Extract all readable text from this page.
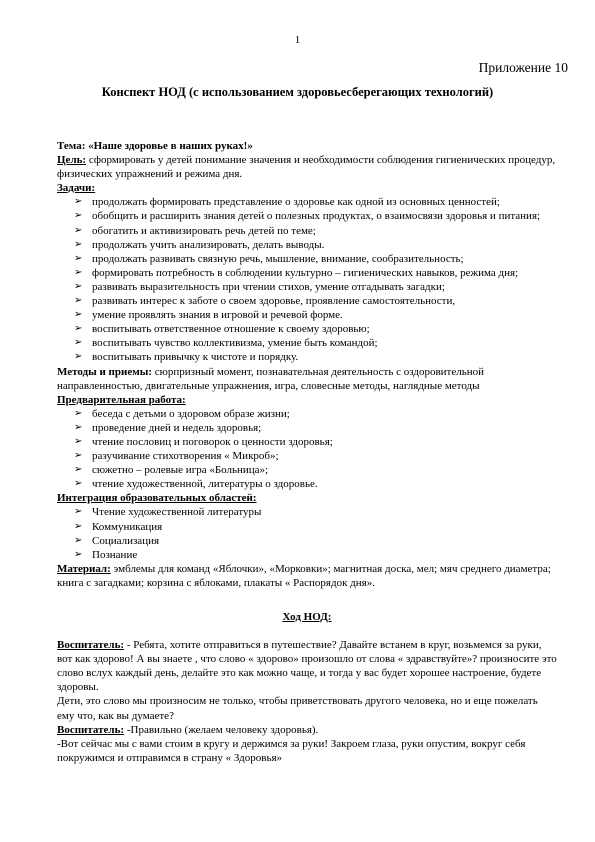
1
Приложение 10
Конспект НОД (с использованием здоровьесберегающих технологий)

Тема: «Наше здоровье в наших руках!»

Цель: сформировать у детей понимание значения и необходимости соблюдения гигиенических процедур, физических упражнений и режима дня.

Задачи:

➢ продолжать формировать представление о здоровье как одной из основных ценностей;
➢ обобщить и расширить знания детей о полезных продуктах, о взаимосвязи здоровья и питания;
➢ обогатить и активизировать речь детей по теме;
➢ продолжать учить анализировать, делать выводы.
➢ продолжать развивать связную речь, мышление, внимание, сообразительность;
➢ формировать потребность в соблюдении культурно – гигиенических навыков, режима дня;
➢ развивать выразительность при чтении стихов, умение отгадывать загадки;
➢ развивать интерес к заботе о своем здоровье, проявление самостоятельности,
➢ умение проявлять знания в игровой и речевой форме.
➢ воспитывать ответственное отношение к своему здоровью;
➢ воспитывать чувство коллективизма, умение быть командой;
➢ воспитывать привычку к чистоте и порядку.

Методы и приемы: сюрпризный момент, познавательная деятельность с оздоровительной направленностью, двигательные упражнения, игра, словесные методы, наглядные методы

Предварительная работа:

➢ беседа с детьми о здоровом образе жизни;
➢ проведение дней и недель здоровья;
➢ чтение пословиц и поговорок о ценности здоровья;
➢ разучивание стихотворения « Микроб»;
➢ сюжетно – ролевые игра «Больница»;
➢ чтение художественной, литературы о здоровье.

Интеграция образовательных областей:

➢ Чтение художественной литературы
➢ Коммуникация
➢ Социализация
➢ Познание

Материал: эмблемы для команд «Яблочки», «Морковки»; магнитная доска, мел; мяч среднего диаметра; книга с загадками; корзина с яблоками, плакаты « Распорядок дня».

Ход НОД:

Воспитатель: - Ребята, хотите отправиться в путешествие? Давайте встанем в круг, возьмемся за руки, вот как здорово! А вы знаете , что слово « здорово» произошло от слова « здравствуйте»? произносите это слово вслух каждый день, делайте это как можно чаще, и тогда у вас будет хорошее настроение, будете здоровы.

Дети, это слово мы произносим не только, чтобы приветствовать другого человека, но и еще пожелать ему что, как вы думаете?

Воспитатель: -Правильно (желаем человеку здоровья).

-Вот сейчас мы с вами стоим в кругу и держимся за руки! Закроем глаза, руки опустим, вокруг себя покружимся и отправимся в страну « Здоровья»
